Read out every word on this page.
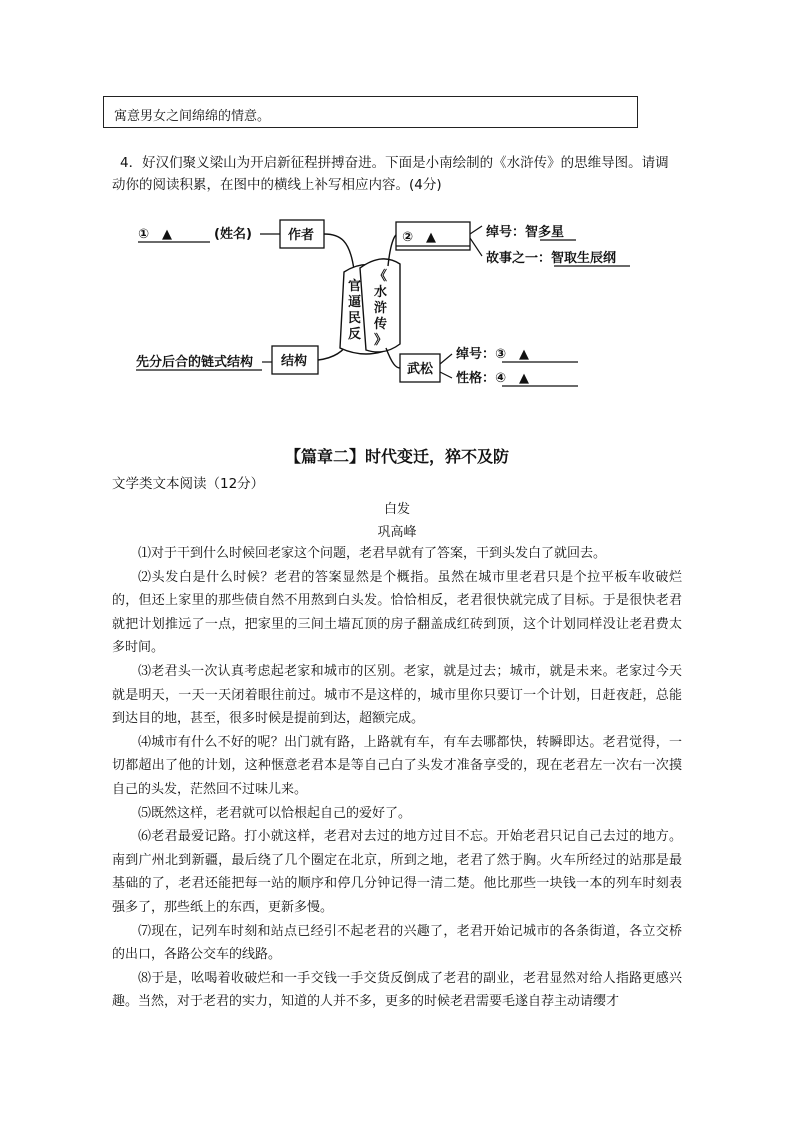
寓意男女之间绵绵的情意。

4．好汉们聚义梁山为开启新征程拼搏奋进。下面是小南绘制的《水浒传》的思维导图。请调

动你的阅读积累，在图中的横线上补写相应内容。(4分)

①　▲	(姓名)	作者
先分后合的链式结构 结构
《
水
浒
传
》
官
逼
民
反
②　▲	绰号：智多星
故事之一：智取生辰纲
武松
绰号：③　▲
性格：④　▲
【篇章二】时代变迁，猝不及防
文学类文本阅读（12分）
白发
巩高峰

⑴对于干到什么时候回老家这个问题，老君早就有了答案，干到头发白了就回去。

⑵头发白是什么时候？老君的答案显然是个概指。虽然在城市里老君只是个拉平板车收破烂的，但还上家里的那些债自然不用熬到白头发。恰恰相反，老君很快就完成了目标。于是很快老君就把计划推远了一点，把家里的三间土墙瓦顶的房子翻盖成红砖到顶，这个计划同样没让老君费太多时间。

⑶老君头一次认真考虑起老家和城市的区别。老家，就是过去；城市，就是未来。老家过今天就是明天，一天一天闭着眼往前过。城市不是这样的，城市里你只要订一个计划，日赶夜赶，总能到达目的地，甚至，很多时候是提前到达，超额完成。

⑷城市有什么不好的呢？出门就有路，上路就有车，有车去哪都快，转瞬即达。老君觉得，一切都超出了他的计划，这种惬意老君本是等自己白了头发才准备享受的，现在老君左一次右一次摸自己的头发，茫然回不过味儿来。

⑸既然这样，老君就可以恰根起自己的爱好了。

⑹老君最爱记路。打小就这样，老君对去过的地方过目不忘。开始老君只记自己去过的地方。南到广州北到新疆，最后绕了几个圈定在北京，所到之地，老君了然于胸。火车所经过的站那是最基础的了，老君还能把每一站的顺序和停几分钟记得一清二楚。他比那些一块钱一本的列车时刻表强多了，那些纸上的东西，更新多慢。

⑺现在，记列车时刻和站点已经引不起老君的兴趣了，老君开始记城市的各条街道，各立交桥的出口，各路公交车的线路。

⑻于是，吆喝着收破烂和一手交钱一手交货反倒成了老君的副业，老君显然对给人指路更感兴趣。当然，对于老君的实力，知道的人并不多，更多的时候老君需要毛遂自荐主动请缨才
